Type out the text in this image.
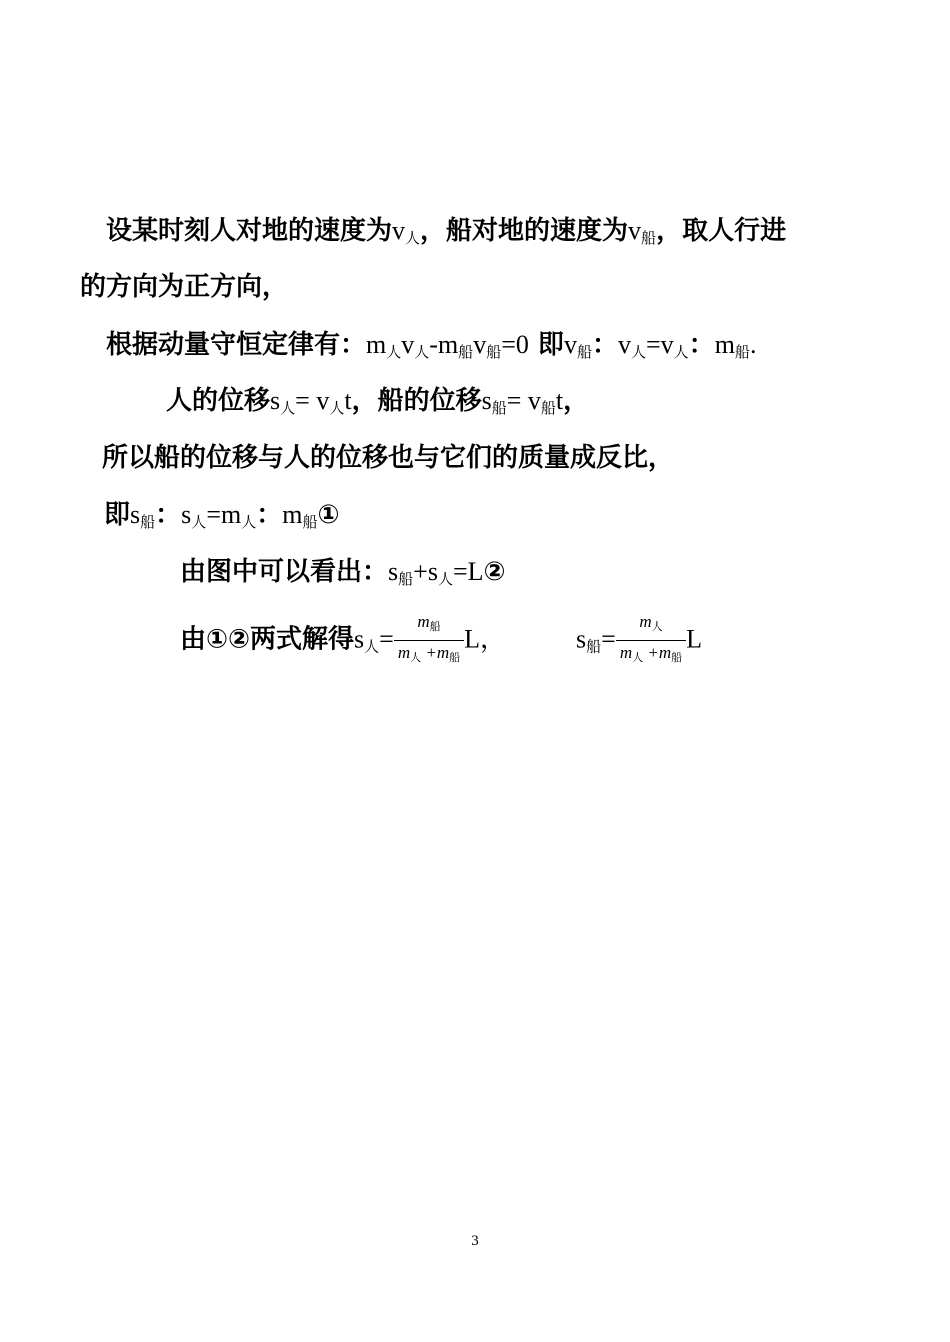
设某时刻人对地的速度为$v_人$，船对地的速度为$v_船$，取人行进
的方向为正方向，
根据动量守恒定律有：$m_人v_人-m_船v_船=0$ 即$v_船$：$v_人=v_人$：$m_船$.
人的位移$s_人= v_人t$，船的位移$s_船= v_船t$，
所以船的位移与人的位移也与它们的质量成反比，
即$s_船$：$s_人=m_人$：$m_船①$
由图中可以看出：$s_船+s_人=L②$
由①②两式解得$s_人= \frac{\text{m船}}{\text{m人 +m船}}$ L，	$s_船= \frac{\text{m人}}{\text{m人 +m船}}$ L
3
